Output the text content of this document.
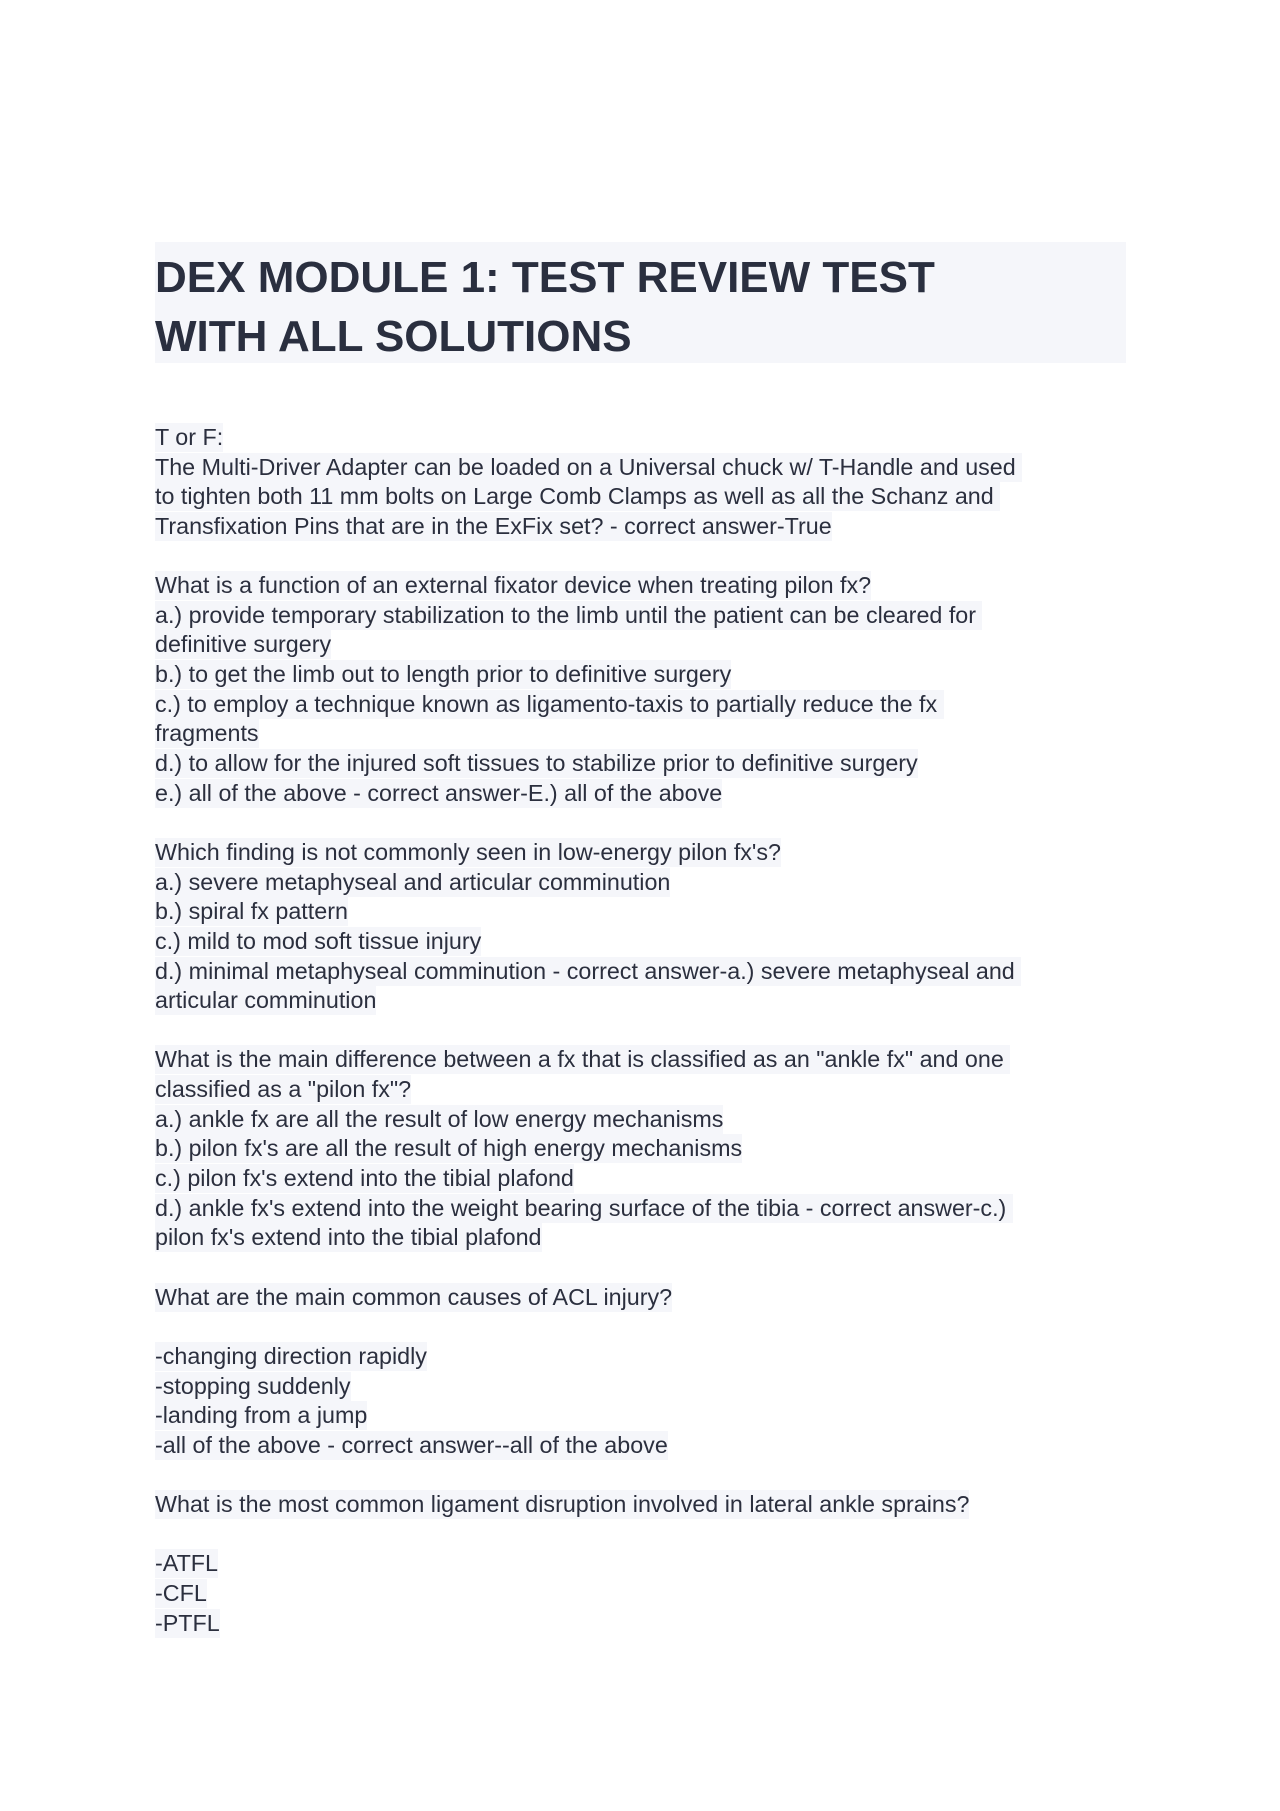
DEX MODULE 1: TEST REVIEW TEST
WITH ALL SOLUTIONS
T or F:
The Multi-Driver Adapter can be loaded on a Universal chuck w/ T-Handle and used
to tighten both 11 mm bolts on Large Comb Clamps as well as all the Schanz and
Transfixation Pins that are in the ExFix set? - correct answer-True
What is a function of an external fixator device when treating pilon fx?
a.) provide temporary stabilization to the limb until the patient can be cleared for
definitive surgery
b.) to get the limb out to length prior to definitive surgery
c.) to employ a technique known as ligamento-taxis to partially reduce the fx
fragments
d.) to allow for the injured soft tissues to stabilize prior to definitive surgery
e.) all of the above - correct answer-E.) all of the above
Which finding is not commonly seen in low-energy pilon fx's?
a.) severe metaphyseal and articular comminution
b.) spiral fx pattern
c.) mild to mod soft tissue injury
d.) minimal metaphyseal comminution - correct answer-a.) severe metaphyseal and
articular comminution
What is the main difference between a fx that is classified as an "ankle fx" and one
classified as a "pilon fx"?
a.) ankle fx are all the result of low energy mechanisms
b.) pilon fx's are all the result of high energy mechanisms
c.) pilon fx's extend into the tibial plafond
d.) ankle fx's extend into the weight bearing surface of the tibia - correct answer-c.)
pilon fx's extend into the tibial plafond
What are the main common causes of ACL injury?
-changing direction rapidly
-stopping suddenly
-landing from a jump
-all of the above - correct answer--all of the above
What is the most common ligament disruption involved in lateral ankle sprains?
-ATFL
-CFL
-PTFL
